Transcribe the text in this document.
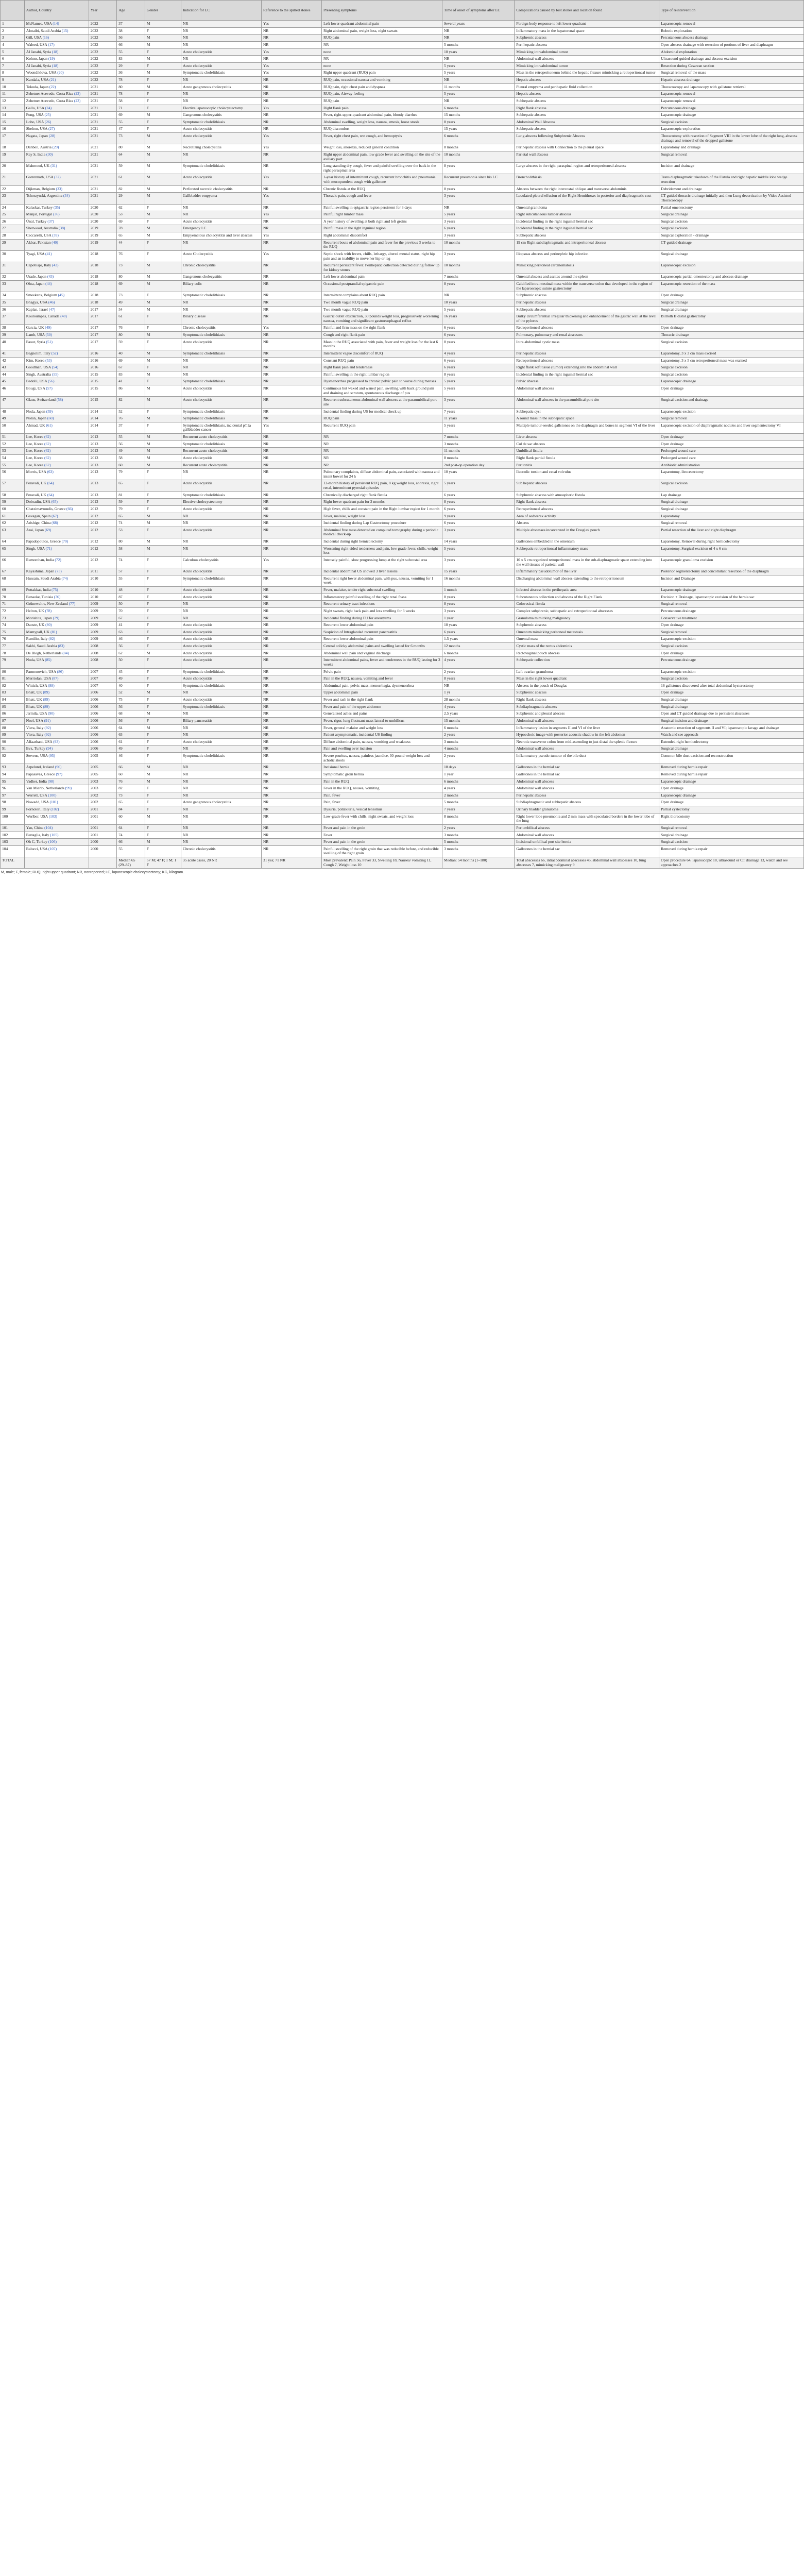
	Author, Country	Year	Age	Gender	Indication for LC	Reference to the spilled stones	Presenting symptoms	Time of onset of symptoms after LC	Complications caused by lost stones and location found	Type of reintervention
1	McNamee, USA (14)	2022	37	M	NR	Yes	Left lower quadrant abdominal pain	Several years	Foreign body response to left lower quadrant	Laparoscopic removal
2	Alotaibi, Saudi Arabia (15)	2022	38	F	NR	NR	Right abdominal pain, weight loss, night sweats	NR	Inflammatory mass in the hepatorenal space	Robotic exploration
3	Gill, USA (16)	2022	56	M	NR	NR	RUQ pain	NR	Subphrenic abscess	Percutaneous abscess drainage
4	Waleed, USA (17)	2022	66	M	NR	NR	NR	5 months	Peri hepatic abscess	Open abscess drainage with resection of portions of liver and diaphragm
5	Al Janabi, Syria (18)	2022	55	F	Acute cholecystitis	Yes	none	10 years	Mimicking intraabdominal tumor	Abdominal exploration
6	Kohno, Japan (19)	2022	83	M	NR	NR	NR	NR	Abdominal wall abscess	Ultrasound-guided drainage and abscess excision
7	Al Janabi, Syria (18)	2022	29	F	Acute cholecystitis	Yes	none	5 years	Mimicking intraabdominal tumor	Resection during Cesarean section
8	Woondiklova, USA (20)	2022	36	M	Symptomatic cholelithiasis	Yes	Right upper quadrant (RUQ) pain	5 years	Mass in the retroperitoneum behind the hepatic flexure mimicking a retroperitoneal tumor	Surgical removal of the mass
9	Kandala, USA (21)	2022	78	F	NR	NR	RUQ pain, occasional nausea and vomiting	NR	Hepatic abscess	Hepatic abscess drainage
10	Tokuda, Japan (22)	2021	80	M	Acute gangrenous cholecystitis	NR	RUQ pain, right chest pain and dyspnea	11 months	Pleural empyema and perihepatic fluid collection	Thoracoscopy and laparoscopy with gallstone retrieval
11	Zehetner Acevedo, Costa Rica (23)	2021	78	F	NR	NR	RUQ pain, Airway feeling	5 years	Hepatic abscess	Laparoscopic removal
12	Zehetner Acevedo, Costa Rica (23)	2021	58	F	NR	NR	RUQ pain	NR	Subhepatic abscess	Laparoscopic removal
13	Gallo, USA (24)	2021	71	F	Elective laparoscopic cholecystectomy	Yes	Right flank pain	6 months	Right flank abscess	Percutaneous drainage
14	Fong, USA (25)	2021	69	M	Gangrenous cholecystitis	NR	Fever, right-upper-quadrant abdominal pain, bloody diarrhea	15 months	Subhepatic abscess	Laparoscopic drainage
15	Lobo, USA (26)	2021	55	F	Symptomatic cholelithiasis	NR	Abdominal swelling, weight loss, nausea, emesis, loose stools	8 years	Abdominal Wall Abscess	Surgical excision
16	Shelton, USA (27)	2021	47	F	Acute cholecystitis	NR	RUQ discomfort	15 years	Subhepatic abscess	Laparoscopic exploration
17	Nagata, Japan (28)	2021	73	M	Acute cholecystitis	Yes	Fever, right chest pain, wet cough, and hemoptysis	6 months	Lung abscess following Subphrenic Abscess	Thoracotomy with resection of Segment VIII in the lower lobe of the right lung, abscess drainage and removal of the dropped gallstone
18	Danbeil, Austria (29)	2021	80	M	Necrotizing cholecystitis	Yes	Weight loss, anorexia, reduced general condition	8 months	Perihepatic abscess with Connection to the pleural space	Laparotomy and drainage
19	Ray S, India (30)	2021	64	M	NR	NR	Right upper abdominal pain, low grade fever and swelling on the site of the axillary port	10 months	Parietal wall abscess	Surgical removal
20	Mahmoud, UK (31)	2021	59	M	Symptomatic cholelithiasis	NR	Long standing dry cough, fever and painful swelling over the back in the right paraspinal area	8 years	Large abscess in the right paraspinal region and retroperitoneal abscess	Incision and drainage
21	Gorrennath, USA (32)	2021	61	M	Acute cholecystitis	Yes	1-year history of intermittent cough, recurrent bronchitis and pneumonia with mucopurulent cough with gallstone	Recurrent pneumonia since his LC	Broncholithiasis	Trans diaphragmatic takedown of the Fistula and right hepatic middle lobe wedge resection
22	Dijkman, Belgium (33)	2021	82	M	Perforated necrotic cholecystitis	NR	Chronic fistula at the RUQ	8 years	Abscess between the right intercostal oblique and transverse abdominis	Debridement and drainage
23	Tchorzynski, Argentina (34)	2021	29	M	Gallbladder empyema	Yes	Thoracic pain, cough and fever	3 years	Loculated pleural effusion of the Right Hemithorax in posterior and diaphragmatic cost	CT guided thoracic drainage initially and then Lung decortication by Video Assisted Thoracoscopy
24	Kalaskar, Turkey (35)	2020	62	F	NR	NR	Painful swelling in epigastric region persistent for 3 days	NR	Omental granuloma	Partial omentectomy
25	Manjal, Portugal (36)	2020	53	M	NR	Yes	Painful right lumbar mass	5 years	Right subcutaneous lumbar abscess	Surgical drainage
26	Ünal, Turkey (37)	2020	69	F	Acute cholecystitis	NR	A year history of swelling at both right and left groins	3 years	Incidental finding in the right inguinal hernial sac	Surgical excision
27	Sherwood, Australia (38)	2019	78	M	Emergency LC	NR	Painful mass in the right inguinal region	6 years	Incidental finding in the right inguinal hernial sac	Surgical excision
28	Ceccarelli, USA (39)	2019	65	M	Empyematous cholecystitis and liver abscess	Yes	Right abdominal discomfort	3 years	Subhepatic abscess	Surgical exploration - drainage
29	Akbar, Pakistan (40)	2019	44	F	NR	NR	Recurrent bouts of abdominal pain and fever for the previous 3 weeks to the RUQ	10 months	19 cm Right subdiaphragmatic and intraperitoneal abscess	CT-guided drainage
30	Tyagi, USA (41)	2018	76	F	Acute Cholecystitis	Yes	Septic shock with fevers, chills, lethargy, altered mental status, right hip pain and an inability to move her hip or leg	3 years	Iliopsoas abscess and perinephric hip infection	Surgical drainage
31	Capobiajo, Italy (42)	2018	73	M	Chronic cholecystitis	NR	Recurrent persistent fever. Perihepatic collection detected during follow up for kidney stones	10 months	Mimicking peritoneal carcinomatosis	Laparoscopic excision
32	Urade, Japan (43)	2018	80	M	Gangrenous cholecystitis	NR	Left lower abdominal pain	7 months	Omental abscess and ascites around the spleen	Laparoscopic partial omentectomy and abscess drainage
33	Ohta, Japan (44)	2018	69	M	Biliary colic	NR	Occasional postprandial epigastric pain	8 years	Calcified intraintestinal mass within the transverse colon that developed in the region of the laparoscopic suture gastrectomy	Laparoscopic resection of the mass
34	Smeekens, Belgium (45)	2018	73	F	Symptomatic cholelithiasis	NR	Intermittent complains about RUQ pain	NR	Subphrenic abscess	Open drainage
35	Bhagya, USA (46)	2018	49	M	NR	NR	Two month vague RUQ pain	10 years	Perihepatic abscess	Surgical drainage
36	Kaplan, Israel (47)	2017	54	M	NR	NR	Two month vague RUQ pain	5 years	Subhepatic abscess	Surgical drainage
37	Kouloumpas, Canada (48)	2017	61	F	Biliary disease	NR	Gastric outlet obstruction, 30 pounds weight loss, progressively worsening nausea, vomiting and significant gastroesophageal reflux	16 years	Bulky circumferential irregular thickening and enhancement of the gastric wall at the level of the pylorus	Billroth II distal gastrectomy
38	Garcia, UK (49)	2017	76	F	Chronic cholecystitis	Yes	Painful and firm mass on the right flank	6 years	Retroperitoneal abscess	Open drainage
39	Lamb, USA (50)	2017	80	M	Symptomatic cholelithiasis	NR	Cough and right flank pain	6 years	Pulmonary, pulmonary and renal abscesses	Thoracic drainage
40	Faour, Syria (51)	2017	59	F	Acute cholecystitis	NR	Mass in the RUQ associated with pain, fever and weight loss for the last 6 months	8 years	Intra abdominal cystic mass	Surgical excision
41	Bagnolim, Italy (52)	2016	40	M	Symptomatic cholelithiasis	NR	Intermittent vague discomfort of RUQ	4 years	Perihepatic abscess	Laparotomy, 3 x 3 cm mass excised
42	Kim, Korea (53)	2016	69	M	NR	NR	Constant RUQ pain	6 years	Retroperitoneal abscess	Laparotomy, 3 x 5 cm retroperitoneal mass was excised
43	Goodman, USA (54)	2016	67	F	NR	NR	Right flank pain and tenderness	6 years	Right flank soft tissue (tumor) extending into the abdominal wall	Surgical excision
44	Singh, Australia (55)	2015	83	M	NR	NR	Painful swelling in the right lumbar region	8 years	Incidental finding in the right inguinal hernial sac	Surgical excision
45	Bedolli, USA (56)	2015	41	F	Symptomatic cholelithiasis	NR	Dysmenorrhea progressed to chronic pelvic pain to worse during menses	5 years	Pelvic abscess	Laparoscopic drainage
46	Bougi, USA (57)	2015	86	M	Acute cholecystitis	NR	Continuous but waxed and waned pain, swelling with back ground pain and draining and scrotum, spontaneous discharge of pus	5 years	Abdominal wall abscess	Open drainage
47	Glaus, Switzerland (58)	2015	82	M	Acute cholecystitis	NR	Recurrent subcutaneous abdominal wall abscess at the paraumbilical port site	3 years	Abdominal wall abscess in the paraumbilical port site	Surgical excision and drainage
48	Noda, Japan (59)	2014	52	F	Symptomatic cholelithiasis	NR	Incidental finding during US for medical check up	7 years	Subhepatic cyst	Laparoscopic excision
49	Nolan, Japan (60)	2014	76	M	Symptomatic cholelithiasis	NR	RUQ pain	11 years	A round mass in the subhepatic space	Surgical removal
50	Ahmad, UK (61)	2014	37	F	Symptomatic cholelithiasis, incidental pT1a gallbladder cancer	Yes	Recurrent RUQ pain	5 years	Multiple tumour-seeded gallstones on the diaphragm and bones in segment VI of the liver	Laparoscopic excision of diaphragmatic nodules and liver segmentectomy VI
51	Lee, Korea (62)	2013	55	M	Recurrent acute cholecystitis	NR	NR	7 months	Liver abscess	Open drainage
52	Lee, Korea (62)	2013	56	M	Symptomatic cholelithiasis	NR	NR	3 months	Cul de sac abscess	Open drainage
53	Lee, Korea (62)	2013	49	M	Recurrent acute cholecystitis	NR	NR	11 months	Umbilical fistula	Prolonged wound care
54	Lee, Korea (62)	2013	58	M	Acute cholecystitis	NR	NR	8 months	Right flank partial fistula	Prolonged wound care
55	Lee, Korea (62)	2013	60	M	Recurrent acute cholecystitis	NR	NR	2nd post-op operation day	Peritonitis	Antibiotic administration
56	Morris, USA (63)	2013	79	F	NR	NR	Pulmonary complaints, diffuse abdominal pain, associated with nausea and intent bowel for 24 h	10 years	Ileocolic torsion and cecal volvulus	Laparotomy, ileocecectomy
57	Peravali, UK (64)	2013	65	F	Acute cholecystitis	NR	12-month history of persistent RUQ pain, 8 kg weight loss, anorexia, right renal, intermittent pyrexial episodes	5 years	Sub hepatic abscess	Surgical excision
58	Peravali, UK (64)	2013	81	F	Symptomatic cholelithiasis	NR	Chronically discharged right flank fistula	6 years	Subphrenic abscess with atmospheric fistula	Lap drainage
59	Dobradin, USA (65)	2013	59	F	Elective cholecystectomy	NR	Right lower quadrant pain for 2 months	8 years	Right flank abscess	Surgical drainage
60	Chatzimavroudis, Greece (66)	2012	79	F	Acute cholecystitis	NR	High fever, chills and constant pain in the Right lumbar region for 1 month	6 years	Retroperitoneal abscess	Surgical drainage
61	Gavagan, Spain (67)	2012	65	M	NR	NR	Fever, malaise, weight loss	9 years	Area of sedwerex activity	Laparotomy
62	Arishige, China (68)	2012	74	M	NR	NR	Incidental finding during Lap Gastrectomy procedure	6 years	Abscess	Surgical removal
63	Arai, Japan (69)	2012	53	F	Acute cholecystitis	NR	Abdominal free mass detected on computed tomography during a periodic medical check-up	3 years	Multiple abscesses incarcerated in the Douglas' pouch	Partial resection of the liver and right diaphragm
64	Papadopoulos, Greece (70)	2012	80	M	NR	NR	Incidental during right hemicolectomy	14 years	Gallstones embedded in the omentum	Laparotomy, Removal during right hemicolectomy
65	Singh, USA (71)	2012	58	M	NR	NR	Worsening right-sided tenderness and pain, low grade fever, chills, weight loss	5 years	Subhepatic retroperitoneal inflammatory mass	Laparotomy, Surgical excision of 4 x 6 cm
66	Ramonthan, India (72)	2012	74	F	Calculous cholecystitis	Yes	Intensely painful, slow progressing lump at the right subcostal area	3 years	10 x 5 cm organized retroperitoneal mass in the sub-diaphragmatic space extending into the wall tissues of parietal wall	Laparoscopic granuloma excision
67	Kayashima, Japan (73)	2011	57	F	Acute cholecystitis	NR	Incidental abdominal US showed 3 liver lesions	15 years	Inflammatory pseudotumor of the liver	Posterior segmentectomy and concomitant resection of the diaphragm
68	Hussain, Saudi Arabia (74)	2010	55	F	Symptomatic cholelithiasis	NR	Recurrent right lower abdominal pain, with pus, nausea, vomiting for 1 week	16 months	Discharging abdominal wall abscess extending to the retroperitoneum	Incision and Drainage
69	Pottakkat, India (75)	2010	48	F	Acute cholecystitis	NR	Fever, malaise, tender right subcostal swelling	1 month	Infected abscess in the perihepatic area	Laparoscopic drainage
70	Benaoke, Tunisia (76)	2010	87	F	Acute cholecystitis	NR	Inflammatory painful swelling of the right renal fossa	8 years	Subcutaneous collection and abscess of the Right Flank	Excision + Drainage, laparoscopic excision of the hernia sac
71	Grünewaltrs, New Zealand (77)	2009	50	F	NR	NR	Recurrent urinary tract infections	8 years	Colovesical fistula	Surgical removal
72	Helton, UK (78)	2009	70	F	NR	NR	Night sweats, right back pain and less smelling for 3 weeks	3 years	Complex subphrenic, subhepatic and retroperitoneal abscesses	Percutaneous drainage
73	Morishita, Japan (79)	2009	67	F	NR	NR	Incidental finding during FU for aneurysms	1 year	Granuloma mimicking malignancy	Conservative treatment
74	Daoste, UK (80)	2009	41	F	Acute cholecystitis	NR	Recurrent lower abdominal pain	10 years	Subphrenic abscess	Open drainage
75	Mamypall, UK (81)	2009	63	F	Acute cholecystitis	NR	Suspicion of Intraglandad recurrent pancreatitis	6 years	Omentum mimicking peritoneal metastasis	Surgical removal
76	Ramilio, Italy (82)	2009	46	F	Acute cholecystitis	NR	Recurrent lower abdominal pain	1.5 years	Omental mass	Laparoscopic excision
77	Sakhi, Saudi Arabia (83)	2008	56	F	Acute cholecystitis	NR	Central colicky abdominal pains and swelling lasted for 6 months	12 months	Cystic mass of the rectus abdominis	Surgical excision
78	De Blegh, Netherlands (84)	2008	62	M	Acute cholecystitis	NR	Abdominal wall pain and vaginal discharge	6 months	Rectovaginal pouch abscess	Open drainage
79	Noda, USA (85)	2008	50	F	Acute cholecystitis	NR	Intermittent abdominal pains, fever and tenderness in the RUQ lasting for 3 weeks	4 years	Subhepatic collection	Percutaneous drainage
80	Parmenovich, USA (86)	2007	45	F	Symptomatic cholelithiasis	NR	Pelvic pain	2 years	Left ovarian granuloma	Laparoscopic excision
81	Merriolan, USA (87)	2007	49	F	Acute cholecystitis	NR	Pain in the RUQ, nausea, vomiting and fever	8 years	Mass in the right lower quadrant	Surgical excision
82	Wittich, USA (88)	2007	40	F	Symptomatic cholelithiasis	NR	Abdominal pain, pelvic mass, menorrhagia, dysmenorrhea	NR	Abscess in the pouch of Douglas	16 gallstones discovered after total abdominal hysterectomy
83	Bhatt, UK (89)	2006	52	M	NR	NR	Upper abdominal pain	1 yr	Subphrenic abscess	Open drainage
84	Bhatt, UK (89)	2006	75	F	Acute cholecystitis	NR	Fever and rash in the right flank	28 months	Right flank abscess	Surgical drainage
85	Bhatt, UK (89)	2006	56	F	Symptomatic cholelithiasis	NR	Fever and pain of the upper abdomen	4 years	Subdiaphragmatic abscess	Surgical drainage
86	Jarmila, USA (90)	2006	68	M	NR	NR	Generalized aches and pains	2.5 years	Subphrenic and pleural abscess	Open and CT guided drainage due to persistent abscesses
87	Noel, USA (91)	2006	56	F	Biliary pancreatitis	NR	Fever, rigor, lung fluctuant mass lateral to umbilicus	15 months	Abdominal wall abscess	Surgical incision and drainage
88	Viera, Italy (92)	2006	64	M	NR	NR	Fever, general malaise and weight loss	6 months	Inflammatory lesion in segments II and VI of the liver	Anatomic resection of segments II and VI; laparoscopic lavage and drainage
89	Viera, Italy (92)	2006	63	F	NR	NR	Patient asymptomatic, incidental US finding	2 years	Hypoechoic image with posterior acoustic shadow in the left abdomen	Watch and see approach
90	Alfaarhani, USA (93)	2006	61	F	Acute cholecystitis	NR	Diffuse abdominal pain, nausea, vomiting and weakness	3 months	Necrotic transverse colon from mid-ascending to just distal the splenic flexure	Extended right hemicolectomy
91	Bvz, Turkey (94)	2006	49	F	NR	NR	Pain and swelling over incision	4 months	Abdominal wall abscess	Surgical drainage
92	Stevens, USA (95)	2005	46	F	Symptomatic cholelithiasis	NR	Severe pruritus, nausea, painless jaundice, 30-pound weight loss and acholic stools	2 years	Inflammatory pseudo-tumour of the bile duct	Common bile duct excision and reconstruction
93	Arpelund, Iceland (96)	2005	66	M	NR	NR	Incisional hernia	18 days	Gallstones in the hernial sac	Removed during hernia repair
94	Papasavas, Greece (97)	2005	60	M	NR	NR	Symptomatic groin hernia	1 year	Gallstones in the hernial sac	Removed during hernia repair
95	Vadher, India (98)	2003	76	M	NR	NR	Pain in the RUQ	6 months	Abdominal wall abscess	Laparoscopic drainage
96	Van Mierlo, Netherlands (99)	2003	82	F	NR	NR	Fever in the RUQ, nausea, vomiting	4 years	Abdominal wall abscess	Open drainage
97	Werrell, USA (100)	2002	73	F	NR	NR	Pain, fever	2 months	Perihepatic abscess	Laparoscopic drainage
98	Nowadd, USA (101)	2002	65	F	Acute gangrenous cholecystitis	NR	Pain, fever	5 months	Subdiaphragmatic and subhepatic abscess	Open drainage
99	Fornoleri, Italy (102)	2001	84	F	NR	NR	Dysuria, pollakiuria, vesical tenesmus	7 years	Urinary bladder granuloma	Partial cystectomy
100	Werlber, USA (103)	2001	60	M	NR	NR	Low-grade fever with chills, night sweats, and weight loss	8 months	Right lower lobe pneumonia and 2 mm mass with speculated borders in the lower lobe of the lung	Right thoracotomy
101	Yao, China (104)	2001	64	F	NR	NR	Fever and pain in the groin	2 years	Periumbilical abscess	Surgical removal
102	Battaglia, Italy (105)	2001	74	F	NR	NR	Fever	3 months	Abdominal wall abscess	Surgical drainage
103	Oh C, Turkey (106)	2000	66	M	NR	NR	Fever and pain in the groin	5 months	Incisional umbilical port site hernia	Surgical excision
104	Balucci, USA (107)	2000	55	F	Chronic cholecystitis	NR	Painful swelling of the right groin that was reducible before, and reducible swelling of the right groin	3 months	Gallstones in the hernial sac	Removed during hernia repair
TOTAL			Median 65 (29–87)	57 M; 47 F; 1 M; 1 F	35 acute cases, 20 NR	31 yes; 71 NR	Most prevalent: Pain 56, Fever 33, Swelling 18, Nausea/ vomiting 11, Cough 7, Weight loss 10	Median: 54 months (1–180)	Total abscesses 66, intraabdominal abscesses 45, abdominal wall abscesses 10, lung abscesses 7, mimicking malignancy 9	Open procedure 64, laparoscopic 18, ultrasound or CT drainage 13, watch and see approaches 2
M, male; F, female; RUQ, right upper quadrant; NR, nonreported; LC, laparoscopic cholecystectomy; KG, kilogram.
